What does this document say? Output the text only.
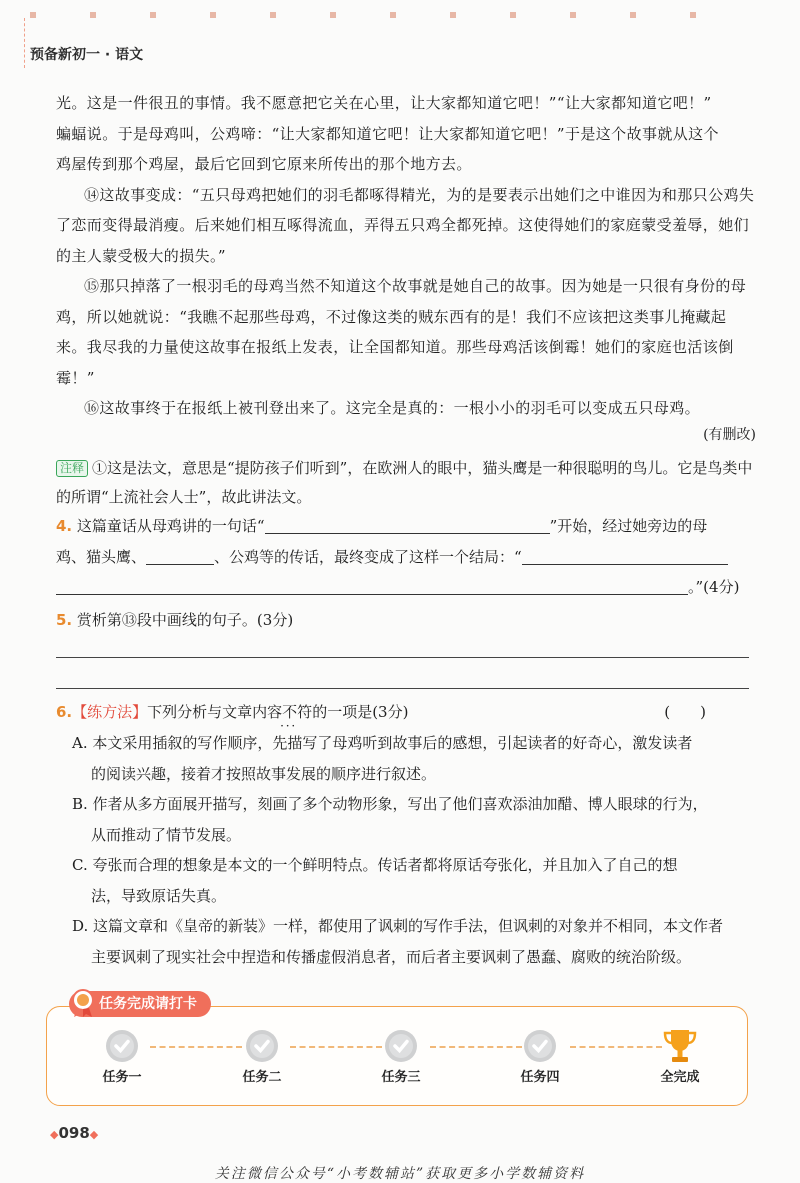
预备新初一 · 语文

光。这是一件很丑的事情。我不愿意把它关在心里，让大家都知道它吧！”“让大家都知道它吧！”

蝙蝠说。于是母鸡叫，公鸡啼：“让大家都知道它吧！让大家都知道它吧！”于是这个故事就从这个

鸡屋传到那个鸡屋，最后它回到它原来所传出的那个地方去。

⑭这故事变成：“五只母鸡把她们的羽毛都啄得精光，为的是要表示出她们之中谁因为和那只公鸡失了恋而变得最消瘦。后来她们相互啄得流血，弄得五只鸡全都死掉。这使得她们的家庭蒙受羞辱，她们的主人蒙受极大的损失。”

⑮那只掉落了一根羽毛的母鸡当然不知道这个故事就是她自己的故事。因为她是一只很有身份的母鸡，所以她就说：“我瞧不起那些母鸡，不过像这类的贼东西有的是！我们不应该把这类事儿掩藏起来。我尽我的力量使这故事在报纸上发表，让全国都知道。那些母鸡活该倒霉！她们的家庭也活该倒霉！”

⑯这故事终于在报纸上被刊登出来了。这完全是真的：一根小小的羽毛可以变成五只母鸡。

(有删改)
注释 ①这是法文，意思是“提防孩子们听到”，在欧洲人的眼中，猫头鹰是一种很聪明的鸟儿。它是鸟类中的所谓“上流社会人士”，故此讲法文。
4. 这篇童话从母鸡讲的一句话“	”开始，经过她旁边的母
鸡、猫头鹰、	、公鸡等的传话，最终变成了这样一个结局：“
。”(4分)
5. 赏析第⑬段中画线的句子。(3分)
6.【练方法】下列分析与文章内容不符 · · ·的一项是(3分)	(　　)
A. 本文采用插叙的写作顺序，先描写了母鸡听到故事后的感想，引起读者的好奇心，激发读者
的阅读兴趣，接着才按照故事发展的顺序进行叙述。
B. 作者从多方面展开描写，刻画了多个动物形象，写出了他们喜欢添油加醋、博人眼球的行为，
从而推动了情节发展。
C. 夸张而合理的想象是本文的一个鲜明特点。传话者都将原话夸张化，并且加入了自己的想
法，导致原话失真。
D. 这篇文章和《皇帝的新装》一样，都使用了讽刺的写作手法，但讽刺的对象并不相同，本文作者
主要讽刺了现实社会中捏造和传播虚假消息者，而后者主要讽刺了愚蠢、腐败的统治阶级。
任务完成请打卡
任务一	任务二	任务三	任务四	全完成
◆098◆
关注微信公众号“小考数辅站”获取更多小学数辅资料
